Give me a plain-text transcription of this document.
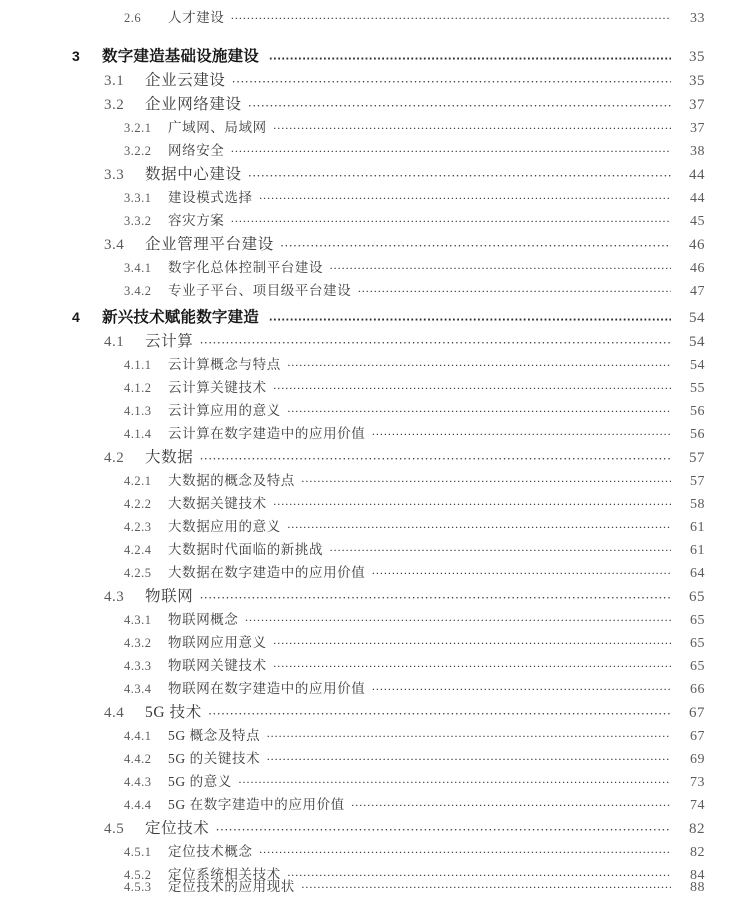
2.6	人才建设 ·····	33
3	数字建造基础设施建设 ·····	35
3.1	企业云建设 ·····	35
3.2	企业网络建设 ·····	37
3.2.1	广域网、局域网 ·····	37
3.2.2	网络安全 ·····	38
3.3	数据中心建设 ·····	44
3.3.1	建设模式选择 ·····	44
3.3.2	容灾方案 ·····	45
3.4	企业管理平台建设 ·····	46
3.4.1	数字化总体控制平台建设 ·····	46
3.4.2	专业子平台、项目级平台建设 ·····	47
4	新兴技术赋能数字建造 ·····	54
4.1	云计算 ·····	54
4.1.1	云计算概念与特点 ·····	54
4.1.2	云计算关键技术 ·····	55
4.1.3	云计算应用的意义 ·····	56
4.1.4	云计算在数字建造中的应用价值 ·····	56
4.2	大数据 ·····	57
4.2.1	大数据的概念及特点 ·····	57
4.2.2	大数据关键技术 ·····	58
4.2.3	大数据应用的意义 ·····	61
4.2.4	大数据时代面临的新挑战 ·····	61
4.2.5	大数据在数字建造中的应用价值 ·····	64
4.3	物联网 ·····	65
4.3.1	物联网概念 ·····	65
4.3.2	物联网应用意义 ·····	65
4.3.3	物联网关键技术 ·····	65
4.3.4	物联网在数字建造中的应用价值 ·····	66
4.4	5G 技术 ·····	67
4.4.1	5G 概念及特点 ·····	67
4.4.2	5G 的关键技术 ·····	69
4.4.3	5G 的意义 ·····	73
4.4.4	5G 在数字建造中的应用价值 ·····	74
4.5	定位技术 ·····	82
4.5.1	定位技术概念 ·····	82
4.5.2	定位系统相关技术 ·····	84
4.5.3	定位技术的应用现状 ·····	88
